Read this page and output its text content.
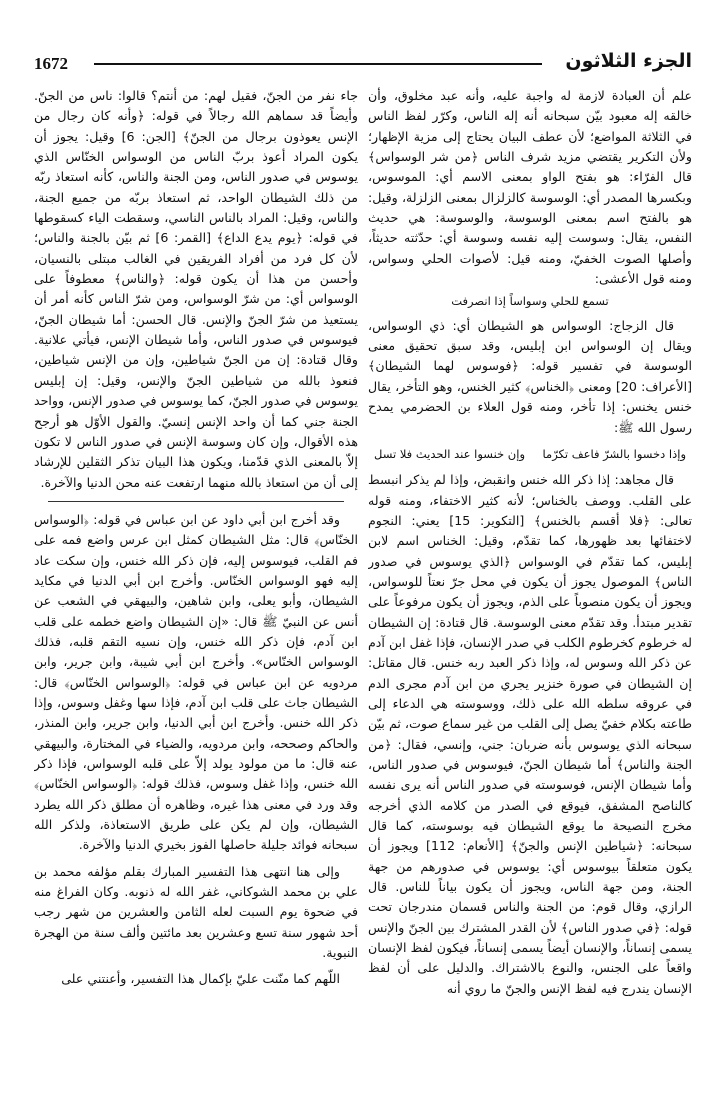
1672	الجزء الثلاثون

علم أن العبادة لازمة له واجبة عليه، وأنه عبد مخلوق، وأن خالقه إله معبود بيّن سبحانه أنه إله الناس، وكرّر لفظ الناس في الثلاثة المواضع؛ لأن عطف البيان يحتاج إلى مزية الإظهار؛ ولأن التكرير يقتضي مزيد شرف الناس ﴿من شر الوسواس﴾ قال الفرّاء: هو بفتح الواو بمعنى الاسم أي: الموسوس، وبكسرها المصدر أي: الوسوسة كالزلزال بمعنى الزلزلة، وقيل: هو بالفتح اسم بمعنى الوسوسة، والوسوسة: هي حديث النفس، يقال: وسوست إليه نفسه وسوسة أي: حدّثته حديثاً، وأصلها الصوت الخفيّ، ومنه قيل: لأصوات الحلي وسواس، ومنه قول الأعشى:

تسمع للحلي وسواساً إذا انصرفت

قال الزجاج: الوسواس هو الشيطان أي: ذي الوسواس، ويقال إن الوسواس ابن إبليس، وقد سبق تحقيق معنى الوسوسة في تفسير قوله: ﴿فوسوس لهما الشيطان﴾ [الأعراف: 20] ومعنى ﴿الخناس﴾ كثير الخنس، وهو التأخر، يقال خنس يخنس: إذا تأخر، ومنه قول العلاء بن الحضرمي يمدح رسول الله ﷺ:

وإذا دخسوا بالشرّ فاعف تكرّما
وإن خنسوا عند الحديث فلا تسل

قال مجاهد: إذا ذكر الله خنس وانقبض، وإذا لم يذكر انبسط على القلب. ووصف بالخناس؛ لأنه كثير الاختفاء، ومنه قوله تعالى: ﴿فلا أقسم بالخنس﴾ [التكوير: 15] يعني: النجوم لاختفائها بعد ظهورها، كما تقدّم، وقيل: الخناس اسم لابن إبليس، كما تقدّم في الوسواس ﴿الذي يوسوس في صدور الناس﴾ الموصول يجوز أن يكون في محل جرّ نعتاً للوسواس، ويجوز أن يكون منصوباً على الذم، ويجوز أن يكون مرفوعاً على تقدير مبتدأ. وقد تقدّم معنى الوسوسة. قال قتادة: إن الشيطان له خرطوم كخرطوم الكلب في صدر الإنسان، فإذا غفل ابن آدم عن ذكر الله وسوس له، وإذا ذكر العبد ربه خنس. قال مقاتل: إن الشيطان في صورة خنزير يجري من ابن آدم مجرى الدم في عروقه سلطه الله على ذلك، ووسوسته هي الدعاء إلى طاعته بكلام خفيّ يصل إلى القلب من غير سماع صوت، ثم بيّن سبحانه الذي يوسوس بأنه ضربان: جني، وإنسي، فقال: ﴿من الجنة والناس﴾ أما شيطان الجنّ، فيوسوس في صدور الناس، وأما شيطان الإنس، فوسوسته في صدور الناس أنه يرى نفسه كالناصح المشفق، فيوقع في الصدر من كلامه الذي أخرجه مخرج النصيحة ما يوقع الشيطان فيه بوسوسته، كما قال سبحانه: ﴿شياطين الإنس والجنّ﴾ [الأنعام: 112] ويجوز أن يكون متعلقاً بيوسوس أي: يوسوس في صدورهم من جهة الجنة، ومن جهة الناس، ويجوز أن يكون بياناً للناس. قال الرازي، وقال قوم: من الجنة والناس قسمان مندرجان تحت قوله: ﴿في صدور الناس﴾ لأن القدر المشترك بين الجنّ والإنس يسمى إنساناً، والإنسان أيضاً يسمى إنساناً، فيكون لفظ الإنسان واقعاً على الجنس، والنوع بالاشتراك. والدليل على أن لفظ الإنسان يندرج فيه لفظ الإنس والجنّ ما روي أنه

جاء نفر من الجنّ، فقيل لهم: من أنتم؟ قالوا: ناس من الجنّ. وأيضاً قد سماهم الله رجالاً في قوله: ﴿وأنه كان رجال من الإنس يعوذون برجال من الجنّ﴾ [الجن: 6] وقيل: يجوز أن يكون المراد أعوذ بربّ الناس من الوسواس الخنّاس الذي يوسوس في صدور الناس، ومن الجنة والناس، كأنه استعاذ ربّه من ذلك الشيطان الواحد، ثم استعاذ بربّه من جميع الجنة، والناس، وقيل: المراد بالناس الناسي، وسقطت الياء كسقوطها في قوله: ﴿يوم يدع الداع﴾ [القمر: 6] ثم بيّن بالجنة والناس؛ لأن كل فرد من أفراد الفريقين في الغالب مبتلى بالنسيان، وأحسن من هذا أن يكون قوله: ﴿والناس﴾ معطوفاً على الوسواس أي: من شرّ الوسواس، ومن شرّ الناس كأنه أمر أن يستعيذ من شرّ الجنّ والإنس. قال الحسن: أما شيطان الجنّ، فيوسوس في صدور الناس، وأما شيطان الإنس، فيأتي علانية. وقال قتادة: إن من الجنّ شياطين، وإن من الإنس شياطين، فنعوذ بالله من شياطين الجنّ والإنس، وقيل: إن إبليس يوسوس في صدور الجنّ، كما يوسوس في صدور الإنس، وواحد الجنة جني كما أن واحد الإنس إنسيّ. والقول الأوّل هو أرجح هذه الأقوال، وإن كان وسوسة الإنس في صدور الناس لا تكون إلاّ بالمعنى الذي قدّمنا، ويكون هذا البيان تذكر الثقلين للإرشاد إلى أن من استعاذ بالله منهما ارتفعت عنه محن الدنيا والآخرة.

وقد أخرج ابن أبي داود عن ابن عباس في قوله: ﴿الوسواس الخنّاس﴾ قال: مثل الشيطان كمثل ابن عرس واضع فمه على فم القلب، فيوسوس إليه، فإن ذكر الله خنس، وإن سكت عاد إليه فهو الوسواس الخنّاس. وأخرج ابن أبي الدنيا في مكايد الشيطان، وأبو يعلى، وابن شاهين، والبيهقي في الشعب عن أنس عن النبيّ ﷺ قال: «إن الشيطان واضع خطمه على قلب ابن آدم، فإن ذكر الله خنس، وإن نسيه التقم قلبه، فذلك الوسواس الخنّاس». وأخرج ابن أبي شيبة، وابن جرير، وابن مردويه عن ابن عباس في قوله: ﴿الوسواس الخنّاس﴾ قال: الشيطان جاث على قلب ابن آدم، فإذا سها وغفل وسوس، وإذا ذكر الله خنس. وأخرج ابن أبي الدنيا، وابن جرير، وابن المنذر، والحاكم وصححه، وابن مردويه، والضياء في المختارة، والبيهقي عنه قال: ما من مولود يولد إلاّ على قلبه الوسواس، فإذا ذكر الله خنس، وإذا غفل وسوس، فذلك قوله: ﴿الوسواس الخنّاس﴾ وقد ورد في معنى هذا غيره، وظاهره أن مطلق ذكر الله يطرد الشيطان، وإن لم يكن على طريق الاستعاذة، ولذكر الله سبحانه فوائد جليلة حاصلها الفوز بخيري الدنيا والآخرة.

وإلى هنا انتهى هذا التفسير المبارك بقلم مؤلفه محمد بن علي بن محمد الشوكاني، غفر الله له ذنوبه. وكان الفراغ منه في ضحوة يوم السبت لعله الثامن والعشرين من شهر رجب أحد شهور سنة تسع وعشرين بعد مائتين وألف سنة من الهجرة النبوية.

اللّهم كما منّنت عليّ بإكمال هذا التفسير، وأعنتني على
